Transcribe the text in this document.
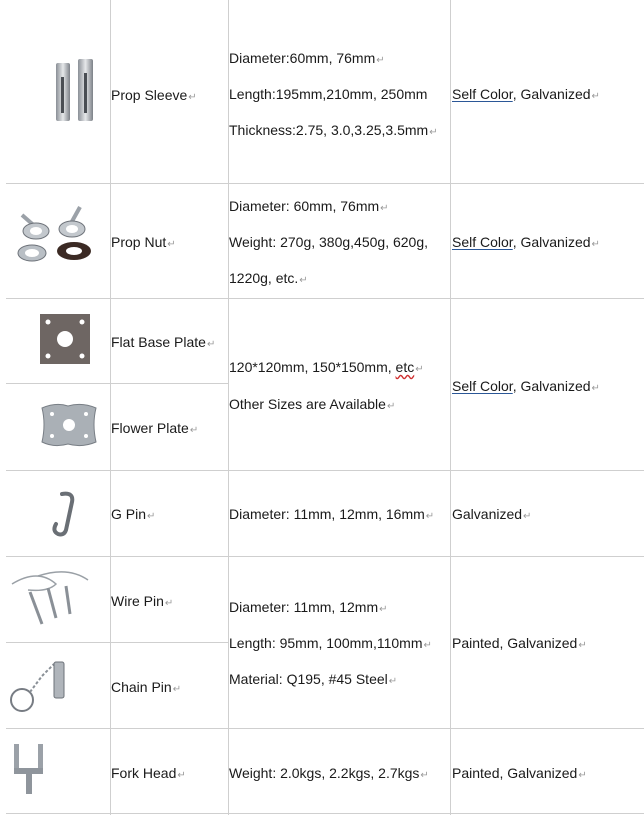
Prop Sleeve↵
Prop Nut↵
Flat Base Plate↵
Flower Plate↵
G Pin↵
Wire Pin↵
Chain Pin↵
Fork Head↵
Diameter:60mm, 76mm↵
Length:195mm,210mm, 250mm
Thickness:2.75, 3.0,3.25,3.5mm↵
Self Color, Galvanized↵
Diameter: 60mm, 76mm↵
Weight: 270g, 380g,450g, 620g,
1220g, etc.↵
Self Color, Galvanized↵
120*120mm, 150*150mm, etc↵
Other Sizes are Available↵
Self Color, Galvanized↵
Diameter: 11mm, 12mm, 16mm↵ Galvanized↵
Diameter: 11mm, 12mm↵
Length: 95mm, 100mm,110mm↵
Material: Q195, #45 Steel↵
Painted, Galvanized↵
Weight: 2.0kgs, 2.2kgs, 2.7kgs↵ Painted, Galvanized↵
